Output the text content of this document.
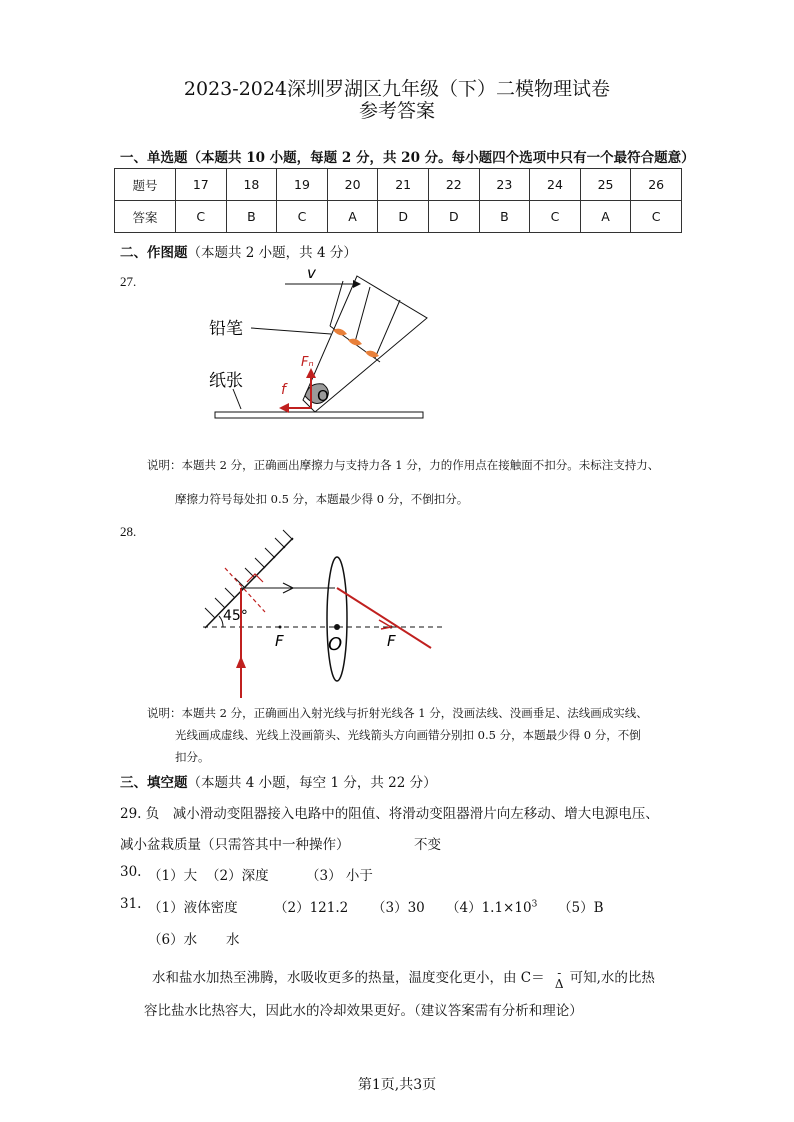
2023-2024深圳罗湖区九年级（下）二模物理试卷
参考答案
一、单选题（本题共 10 小题，每题 2 分，共 20 分。每小题四个选项中只有一个最符合题意）
题号	17	18	19	20	21	22	23	24	25	26
答案	C	B	C	A	D	D	B	C	A	C
二、作图题（本题共 2 小题，共 4 分）
27.	v
铅笔
纸张
Fₙ
f O
说明：本题共 2 分，正确画出摩擦力与支持力各 1 分，力的作用点在接触面不扣分。未标注支持力、
摩擦力符号每处扣 0.5 分，本题最少得 0 分，不倒扣分。
28.
45°
F O	F
说明：本题共 2 分，正确画出入射光线与折射光线各 1 分，没画法线、没画垂足、法线画成实线、
光线画成虚线、光线上没画箭头、光线箭头方向画错分别扣 0.5 分，本题最少得 0 分，不倒
扣分。
三、填空题（本题共 4 小题，每空 1 分，共 22 分）
29. 负　减小滑动变阻器接入电路中的阻值、将滑动变阻器滑片向左移动、增大电源电压、
减小盆栽质量（只需答其中一种操作）	不变
30. （1）大 （2）深度	（3） 小于
31. （1）液体密度	（2）121.2 （3）30 $(4)1.1\times 10^3$ （5）B
（6）水 水
水和盐水加热至沸腾，水吸收更多的热量，温度变化更小，由 C＝ -
Δ 可知,水的比热
容比盐水比热容大，因此水的冷却效果更好。（建议答案需有分析和理论）
第1页,共3页
